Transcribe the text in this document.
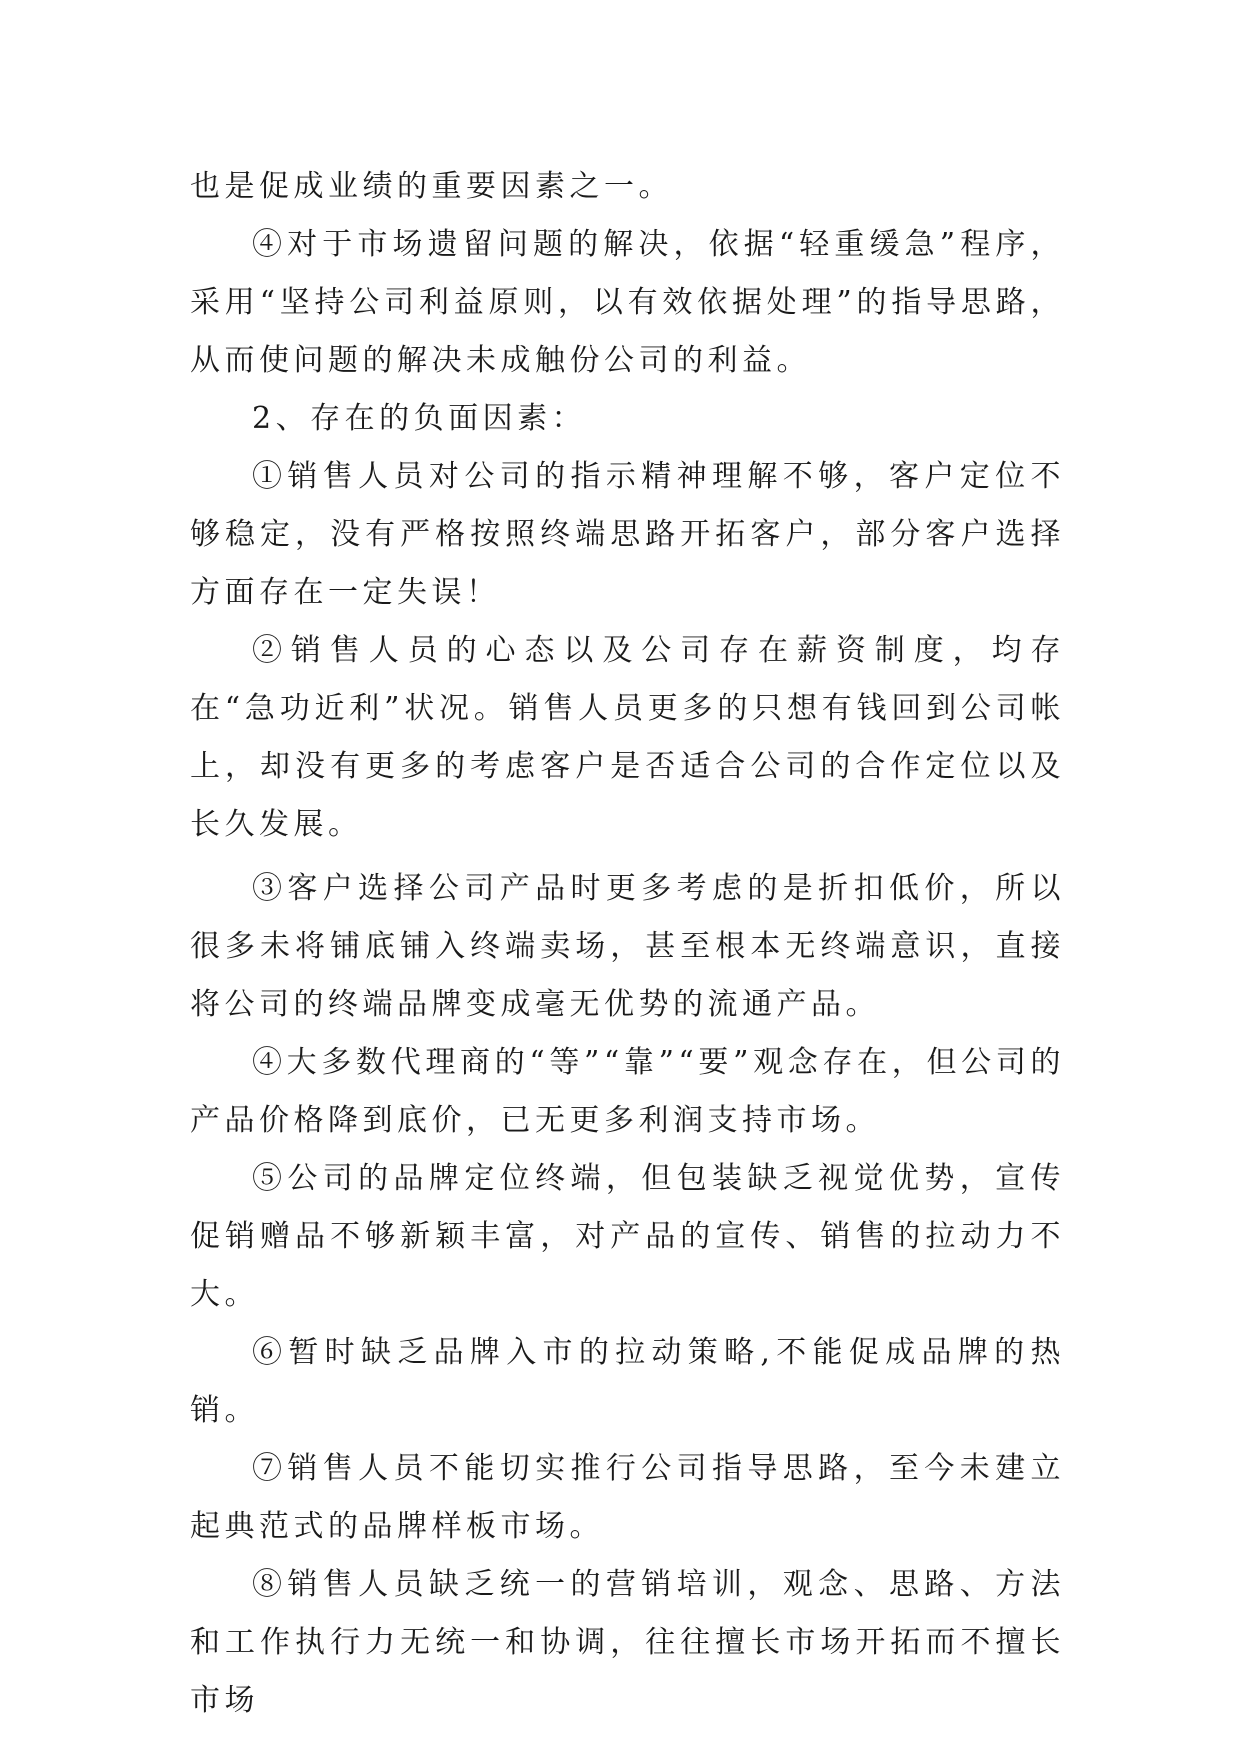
也是促成业绩的重要因素之一。

④对于市场遗留问题的解决，依据“轻重缓急”程序，采用“坚持公司利益原则，以有效依据处理”的指导思路，从而使问题的解决未成触份公司的利益。

2、存在的负面因素：

①销售人员对公司的指示精神理解不够，客户定位不够稳定，没有严格按照终端思路开拓客户，部分客户选择方面存在一定失误！

②销售人员的心态以及公司存在薪资制度，均存在“急功近利”状况。销售人员更多的只想有钱回到公司帐上，却没有更多的考虑客户是否适合公司的合作定位以及长久发展。

③客户选择公司产品时更多考虑的是折扣低价，所以很多未将铺底铺入终端卖场，甚至根本无终端意识，直接将公司的终端品牌变成毫无优势的流通产品。

④大多数代理商的“等”“靠”“要”观念存在，但公司的产品价格降到底价，已无更多利润支持市场。

⑤公司的品牌定位终端，但包装缺乏视觉优势，宣传促销赠品不够新颖丰富，对产品的宣传、销售的拉动力不大。

⑥暂时缺乏品牌入市的拉动策略,不能促成品牌的热销。

⑦销售人员不能切实推行公司指导思路，至今未建立起典范式的品牌样板市场。

⑧销售人员缺乏统一的营销培训，观念、思路、方法和工作执行力无统一和协调，往往擅长市场开拓而不擅长市场
